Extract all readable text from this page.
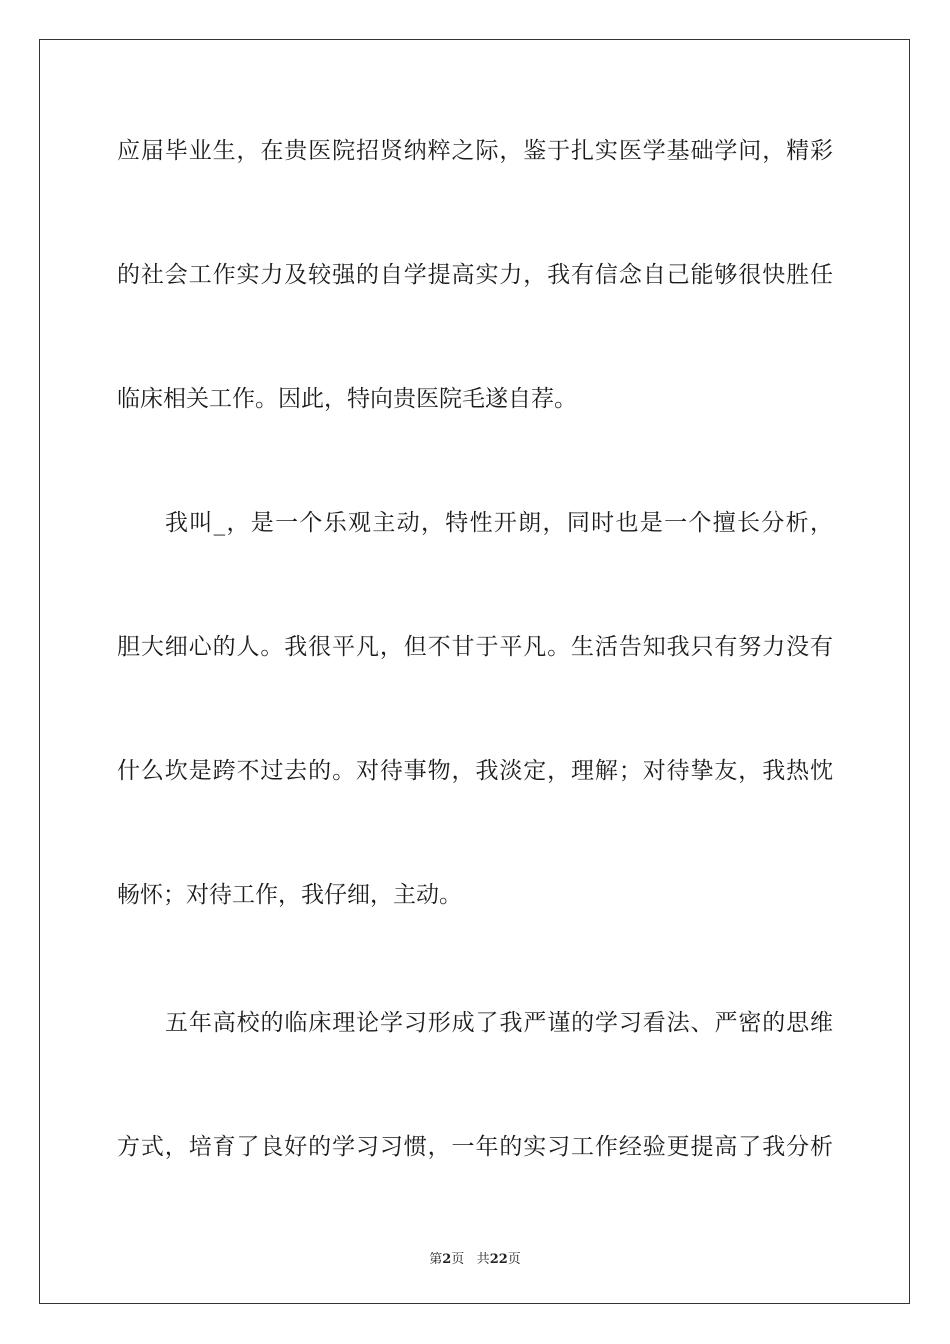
应届毕业生，在贵医院招贤纳粹之际，鉴于扎实医学基础学问，精彩
的社会工作实力及较强的自学提高实力，我有信念自己能够很快胜任
临床相关工作。因此，特向贵医院毛遂自荐。
我叫_，是一个乐观主动，特性开朗，同时也是一个擅长分析，
胆大细心的人。我很平凡，但不甘于平凡。生活告知我只有努力没有
什么坎是跨不过去的。对待事物，我淡定，理解；对待挚友，我热忱
畅怀；对待工作，我仔细，主动。
五年高校的临床理论学习形成了我严谨的学习看法、严密的思维
方式，培育了良好的学习习惯，一年的实习工作经验更提高了我分析
第2页 共22页
